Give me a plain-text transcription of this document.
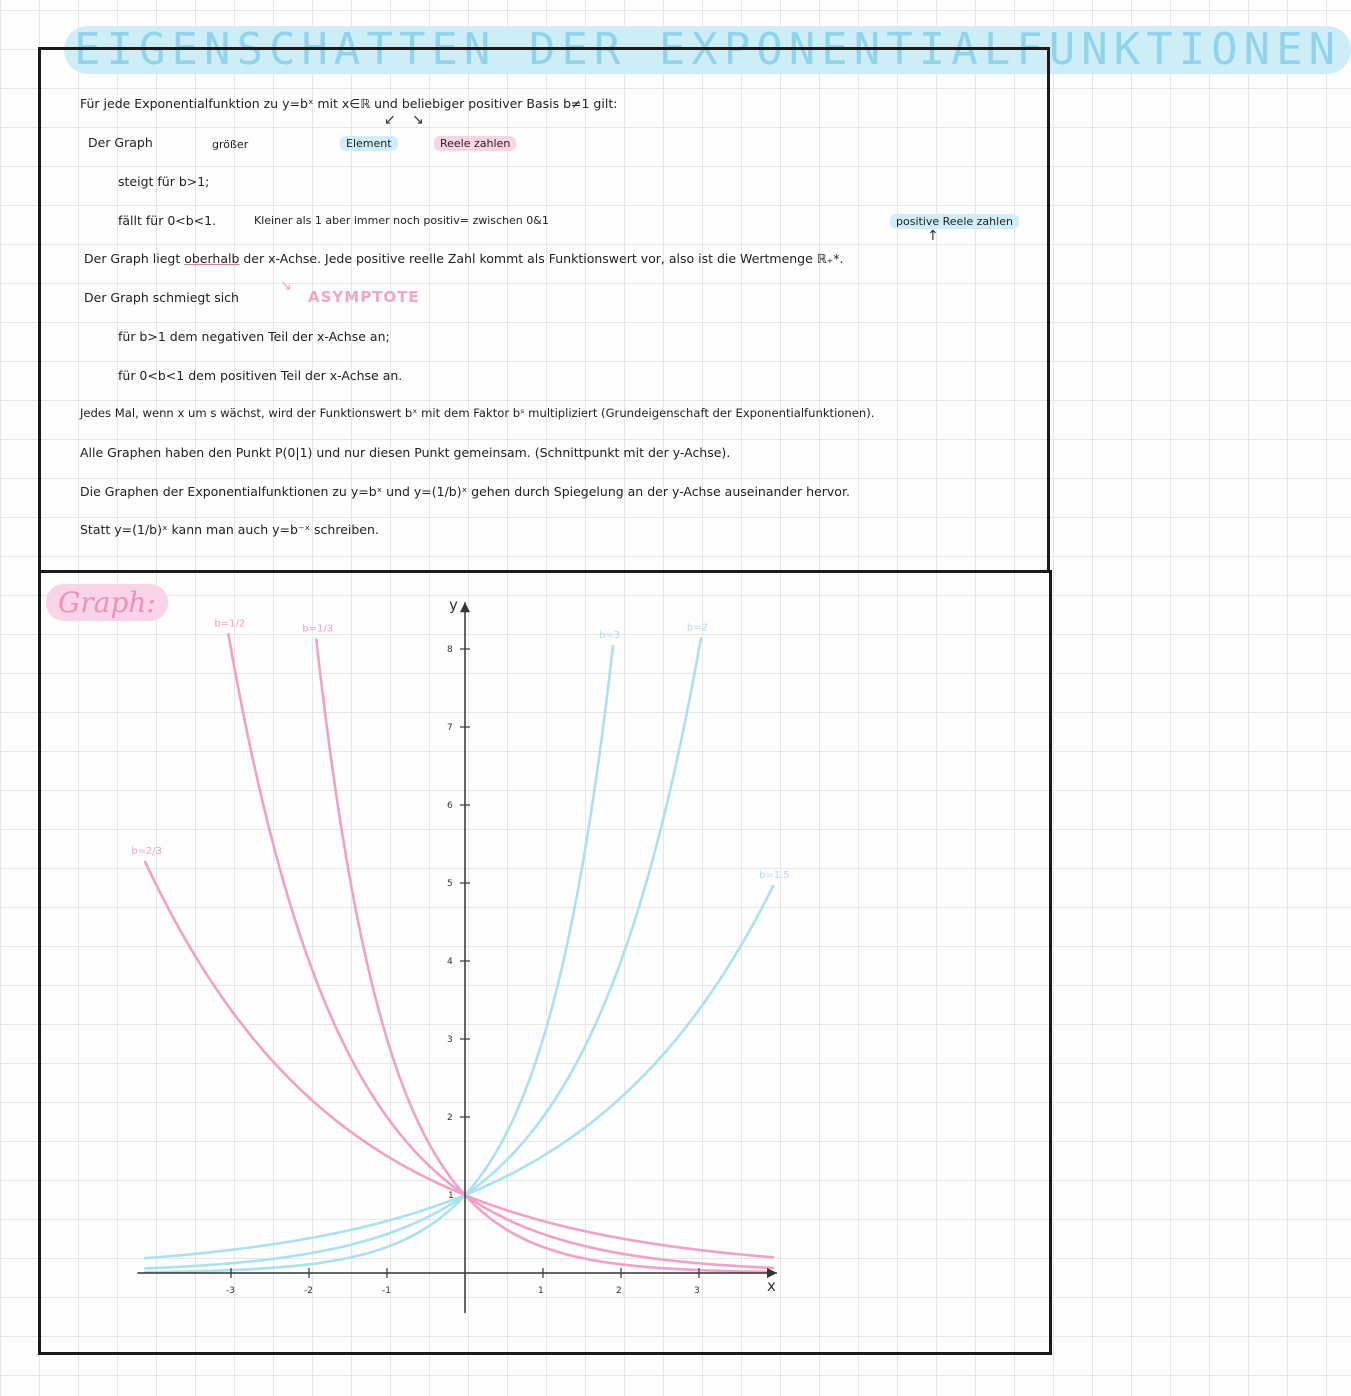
EIGENSCHATTEN DER EXPONENTIALFUNKTIONEN
Für jede Exponentialfunktion zu y=bˣ mit x∈ℝ und beliebiger positiver Basis b≠1 gilt:
Der Graph	größer	Element	Reele zahlen
↙ ↘
steigt für b>1;
fällt für 0<b<1.	Kleiner als 1 aber immer noch positiv= zwischen 0&1	positive Reele zahlen
↑
Der Graph liegt oberhalb der x-Achse. Jede positive reelle Zahl kommt als Funktionswert vor, also ist die Wertmenge ℝ₊*.
Der Graph schmiegt sich
↘
ASYMPTOTE
für b>1 dem negativen Teil der x-Achse an;
für 0<b<1 dem positiven Teil der x-Achse an.
Jedes Mal, wenn x um s wächst, wird der Funktionswert bˣ mit dem Faktor bˢ multipliziert (Grundeigenschaft der Exponentialfunktionen).
Alle Graphen haben den Punkt P(0|1) und nur diesen Punkt gemeinsam. (Schnittpunkt mit der y-Achse).
Die Graphen der Exponentialfunktionen zu y=bˣ und y=(1/b)ˣ gehen durch Spiegelung an der y-Achse auseinander hervor.
Statt y=(1/b)ˣ kann man auch y=b⁻ˣ schreiben.
Graph:
b=1/3
b=1/2
b=2/3
b=3
b=2
b=1.5
x
y
-3	-2	-1	1	2	3
2
3
4
5
6
7
8
1
